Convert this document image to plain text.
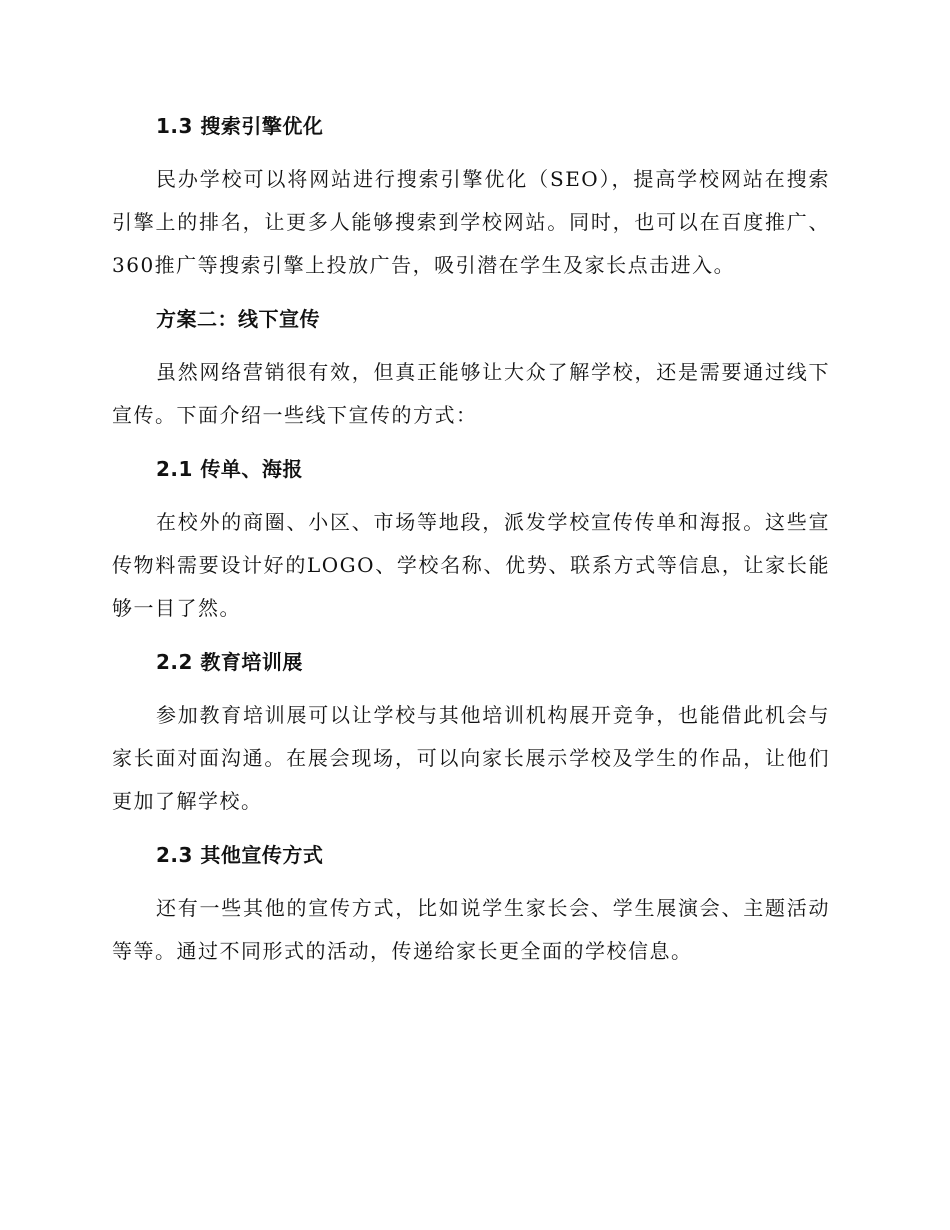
1.3 搜索引擎优化

民办学校可以将网站进行搜索引擎优化（SEO），提高学校网站在搜索引擎上的排名，让更多人能够搜索到学校网站。同时，也可以在百度推广、360推广等搜索引擎上投放广告，吸引潜在学生及家长点击进入。

方案二：线下宣传

虽然网络营销很有效，但真正能够让大众了解学校，还是需要通过线下宣传。下面介绍一些线下宣传的方式：

2.1 传单、海报

在校外的商圈、小区、市场等地段，派发学校宣传传单和海报。这些宣传物料需要设计好的LOGO、学校名称、优势、联系方式等信息，让家长能够一目了然。

2.2 教育培训展

参加教育培训展可以让学校与其他培训机构展开竞争，也能借此机会与家长面对面沟通。在展会现场，可以向家长展示学校及学生的作品，让他们更加了解学校。

2.3 其他宣传方式

还有一些其他的宣传方式，比如说学生家长会、学生展演会、主题活动等等。通过不同形式的活动，传递给家长更全面的学校信息。
